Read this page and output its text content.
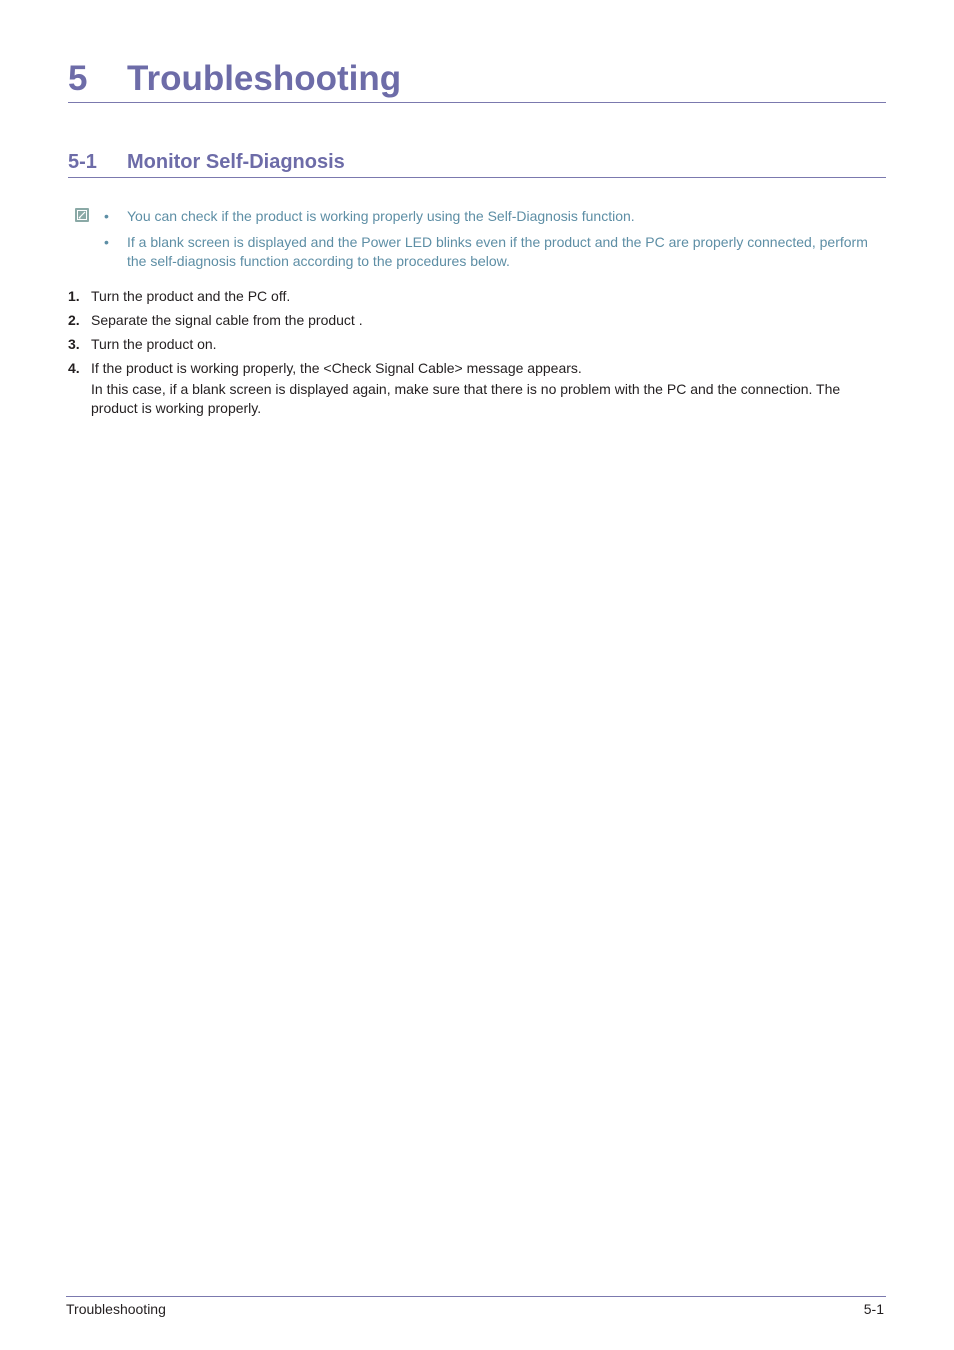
5 Troubleshooting
5-1 Monitor Self-Diagnosis
• You can check if the product is working properly using the Self-Diagnosis function.
• If a blank screen is displayed and the Power LED blinks even if the product and the PC are properly connected, perform the self-diagnosis function according to the procedures below.
1. Turn the product and the PC off.
2. Separate the signal cable from the product .
3. Turn the product on.
4. If the product is working properly, the <Check Signal Cable> message appears.
In this case, if a blank screen is displayed again, make sure that there is no problem with the PC and the connection. The product is working properly.
Troubleshooting	5-1
